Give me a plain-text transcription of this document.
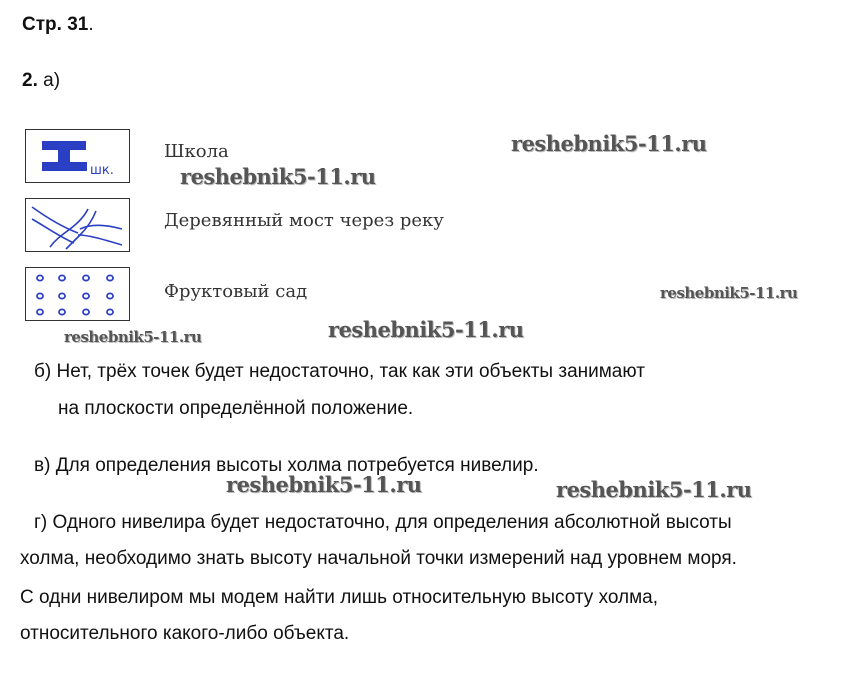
Стр. 31.
2. а)
шк.
Школа
Деревянный мост через реку
Фруктовый сад
reshebnik5-11.ru
reshebnik5-11.ru
reshebnik5-11.ru
reshebnik5-11.ru
reshebnik5-11.ru
reshebnik5-11.ru	reshebnik5-11.ru
б) Нет, трёх точек будет недостаточно, так как эти объекты занимают
на плоскости определённой положение.
в) Для определения высоты холма потребуется нивелир.
г) Одного нивелира будет недостаточно, для определения абсолютной высоты
холма, необходимо знать высоту начальной точки измерений над уровнем моря.
С одни нивелиром мы модем найти лишь относительную высоту холма,
относительного какого-либо объекта.
